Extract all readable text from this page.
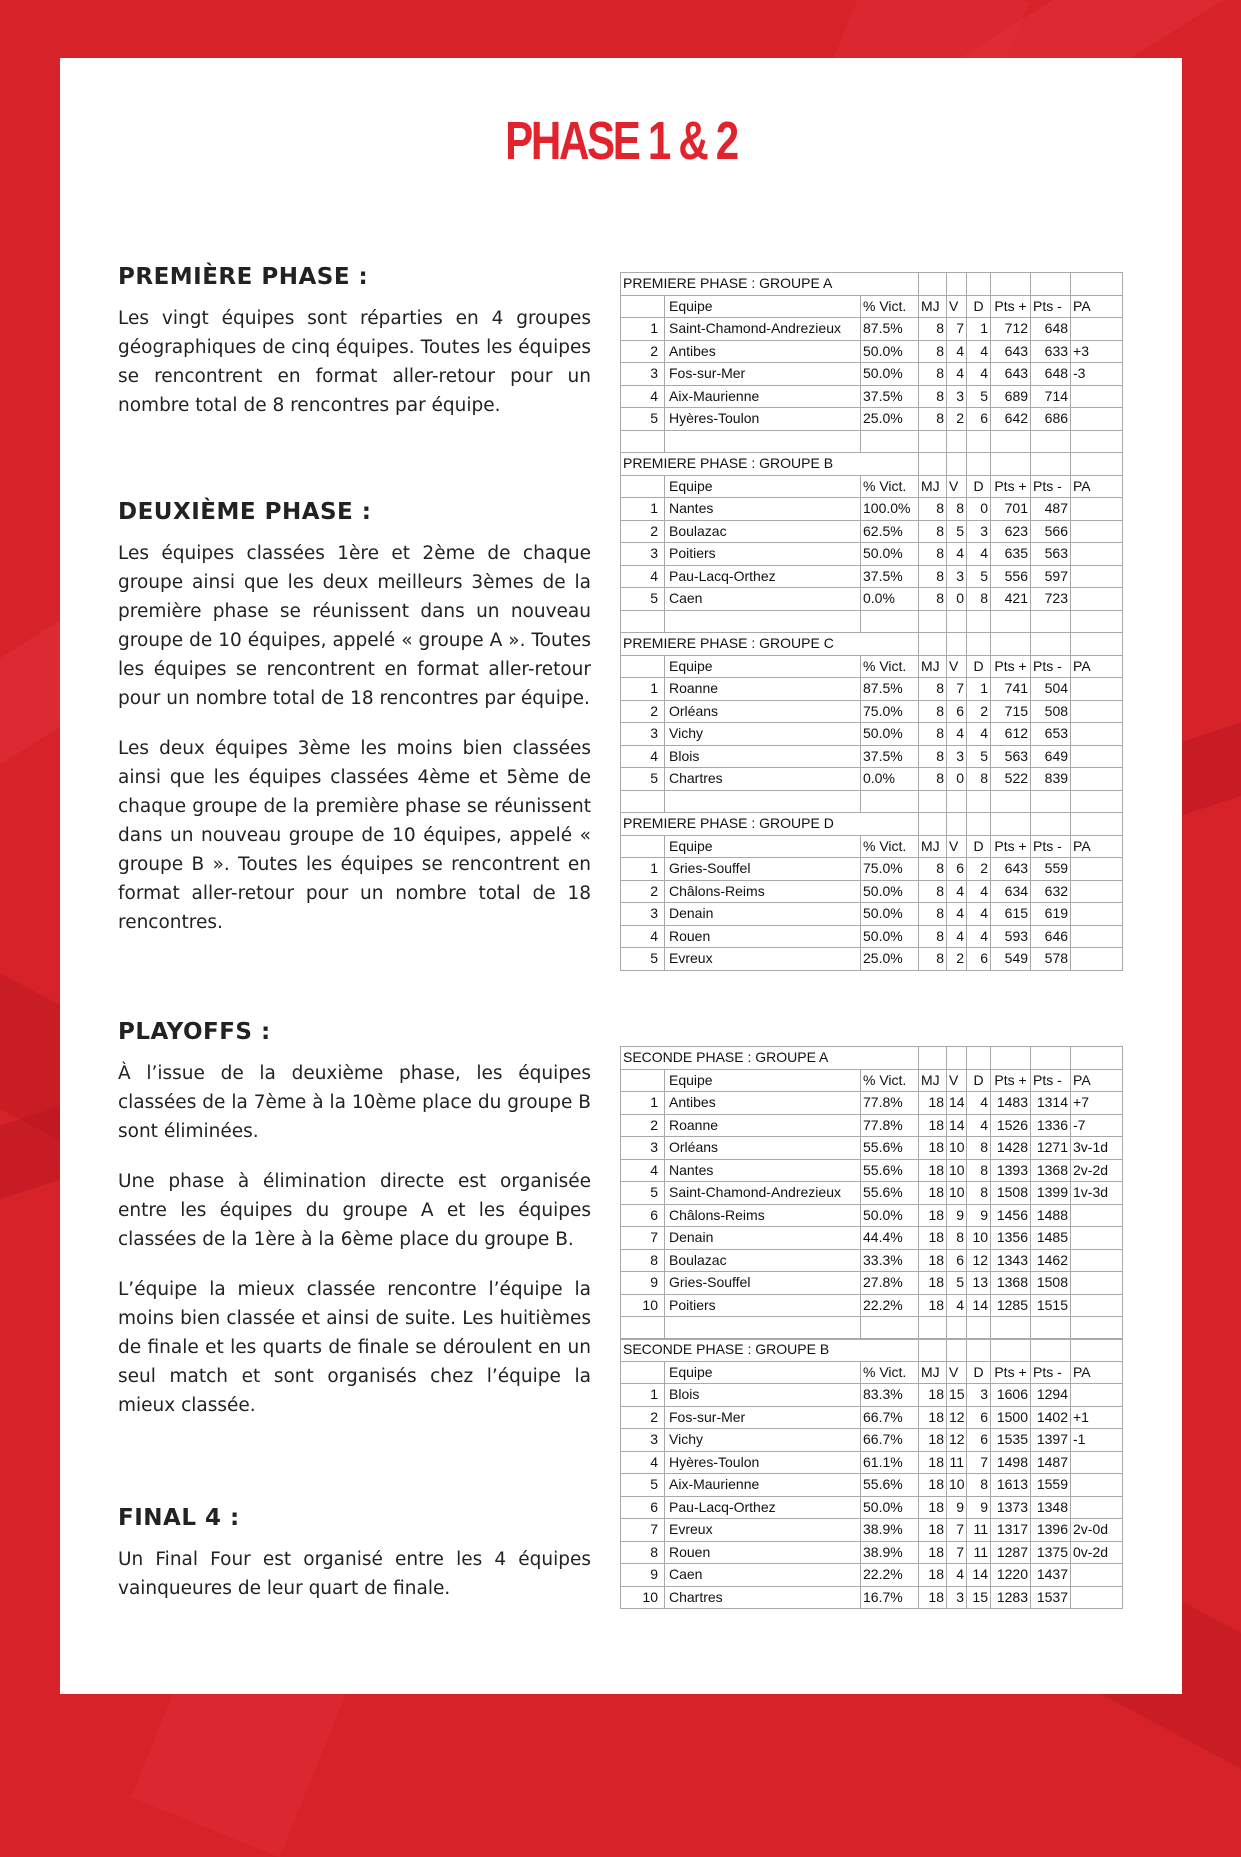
PHASE 1 & 2
PREMIÈRE PHASE :

Les vingt équipes sont réparties en 4 groupes géographiques de cinq équipes. Toutes les équipes se rencontrent en format aller-retour pour un nombre total de 8 rencontres par équipe.

DEUXIÈME PHASE :

Les équipes classées 1ère et 2ème de chaque groupe ainsi que les deux meilleurs 3èmes de la première phase se réunissent dans un nouveau groupe de 10 équipes, appelé « groupe A ». Toutes les équipes se rencontrent en format aller-retour pour un nombre total de 18 rencontres par équipe.

Les deux équipes 3ème les moins bien classées ainsi que les équipes classées 4ème et 5ème de chaque groupe de la première phase se réunissent dans un nouveau groupe de 10 équipes, appelé « groupe B ». Toutes les équipes se rencontrent en format aller-retour pour un nombre total de 18 rencontres.

PLAYOFFS :

À l’issue de la deuxième phase, les équipes classées de la 7ème à la 10ème place du groupe B sont éliminées.

Une phase à élimination directe est organisée entre les équipes du groupe A et les équipes classées de la 1ère à la 6ème place du groupe B.

L’équipe la mieux classée rencontre l’équipe la moins bien classée et ainsi de suite. Les huitièmes de finale et les quarts de finale se déroulent en un seul match et sont organisés chez l’équipe la mieux classée.

FINAL 4 :

Un Final Four est organisé entre les 4 équipes vainqueures de leur quart de finale.

PREMIERE PHASE : GROUPE A								
	Equipe	% Vict.	MJ	V	D	Pts +	Pts -	PA
1	Saint-Chamond-Andrezieux	87.5%	8	7	1	712	648	
2	Antibes	50.0%	8	4	4	643	633	+3
3	Fos-sur-Mer	50.0%	8	4	4	643	648	-3
4	Aix-Maurienne	37.5%	8	3	5	689	714	
5	Hyères-Toulon	25.0%	8	2	6	642	686	

PREMIERE PHASE : GROUPE B								
	Equipe	% Vict.	MJ	V	D	Pts +	Pts -	PA
1	Nantes	100.0%	8	8	0	701	487	
2	Boulazac	62.5%	8	5	3	623	566	
3	Poitiers	50.0%	8	4	4	635	563	
4	Pau-Lacq-Orthez	37.5%	8	3	5	556	597	
5	Caen	0.0%	8	0	8	421	723	

PREMIERE PHASE : GROUPE C								
	Equipe	% Vict.	MJ	V	D	Pts +	Pts -	PA
1	Roanne	87.5%	8	7	1	741	504	
2	Orléans	75.0%	8	6	2	715	508	
3	Vichy	50.0%	8	4	4	612	653	
4	Blois	37.5%	8	3	5	563	649	
5	Chartres	0.0%	8	0	8	522	839	

PREMIERE PHASE : GROUPE D								
	Equipe	% Vict.	MJ	V	D	Pts +	Pts -	PA
1	Gries-Souffel	75.0%	8	6	2	643	559	
2	Châlons-Reims	50.0%	8	4	4	634	632	
3	Denain	50.0%	8	4	4	615	619	
4	Rouen	50.0%	8	4	4	593	646	
5	Evreux	25.0%	8	2	6	549	578	
SECONDE PHASE : GROUPE A								
	Equipe	% Vict.	MJ	V	D	Pts +	Pts -	PA
1	Antibes	77.8%	18	14	4	1483	1314	+7
2	Roanne	77.8%	18	14	4	1526	1336	-7
3	Orléans	55.6%	18	10	8	1428	1271	3v-1d
4	Nantes	55.6%	18	10	8	1393	1368	2v-2d
5	Saint-Chamond-Andrezieux	55.6%	18	10	8	1508	1399	1v-3d
6	Châlons-Reims	50.0%	18	9	9	1456	1488	
7	Denain	44.4%	18	8	10	1356	1485	
8	Boulazac	33.3%	18	6	12	1343	1462	
9	Gries-Souffel	27.8%	18	5	13	1368	1508	
10	Poitiers	22.2%	18	4	14	1285	1515	

SECONDE PHASE : GROUPE B								
	Equipe	% Vict.	MJ	V	D	Pts +	Pts -	PA
1	Blois	83.3%	18	15	3	1606	1294	
2	Fos-sur-Mer	66.7%	18	12	6	1500	1402	+1
3	Vichy	66.7%	18	12	6	1535	1397	-1
4	Hyères-Toulon	61.1%	18	11	7	1498	1487	
5	Aix-Maurienne	55.6%	18	10	8	1613	1559	
6	Pau-Lacq-Orthez	50.0%	18	9	9	1373	1348	
7	Evreux	38.9%	18	7	11	1317	1396	2v-0d
8	Rouen	38.9%	18	7	11	1287	1375	0v-2d
9	Caen	22.2%	18	4	14	1220	1437	
10	Chartres	16.7%	18	3	15	1283	1537	
